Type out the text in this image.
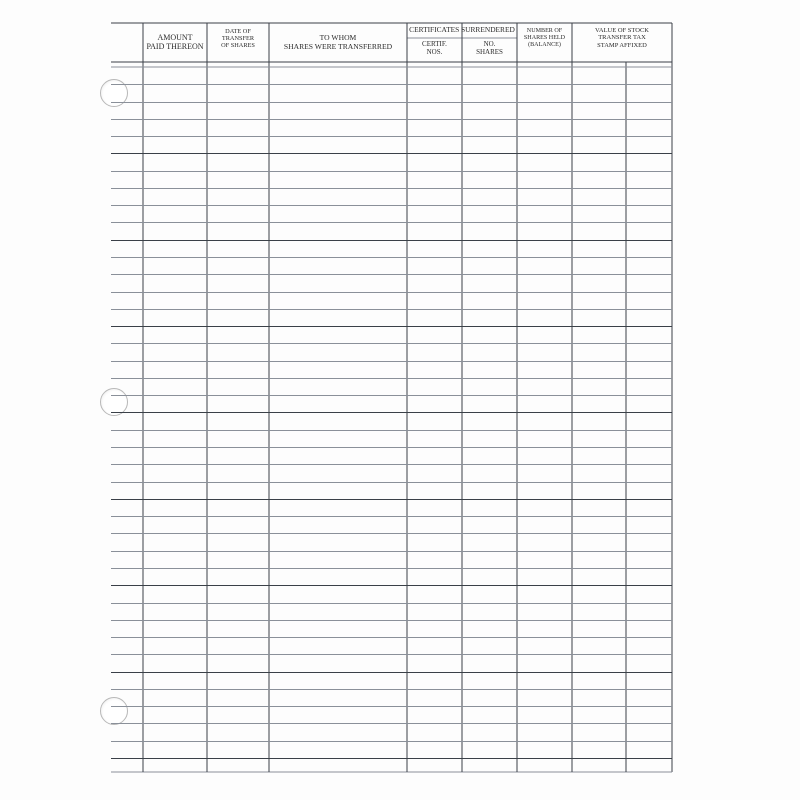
AMOUNT
PAID THEREON
DATE OF
TRANSFER
OF SHARES
TO WHOM
SHARES WERE TRANSFERRED
CERTIFICATES SURRENDERED
CERTIF.
NOS.
NO.
SHARES
NUMBER OF
SHARES HELD
(BALANCE)
VALUE OF STOCK
TRANSFER TAX
STAMP AFFIXED
